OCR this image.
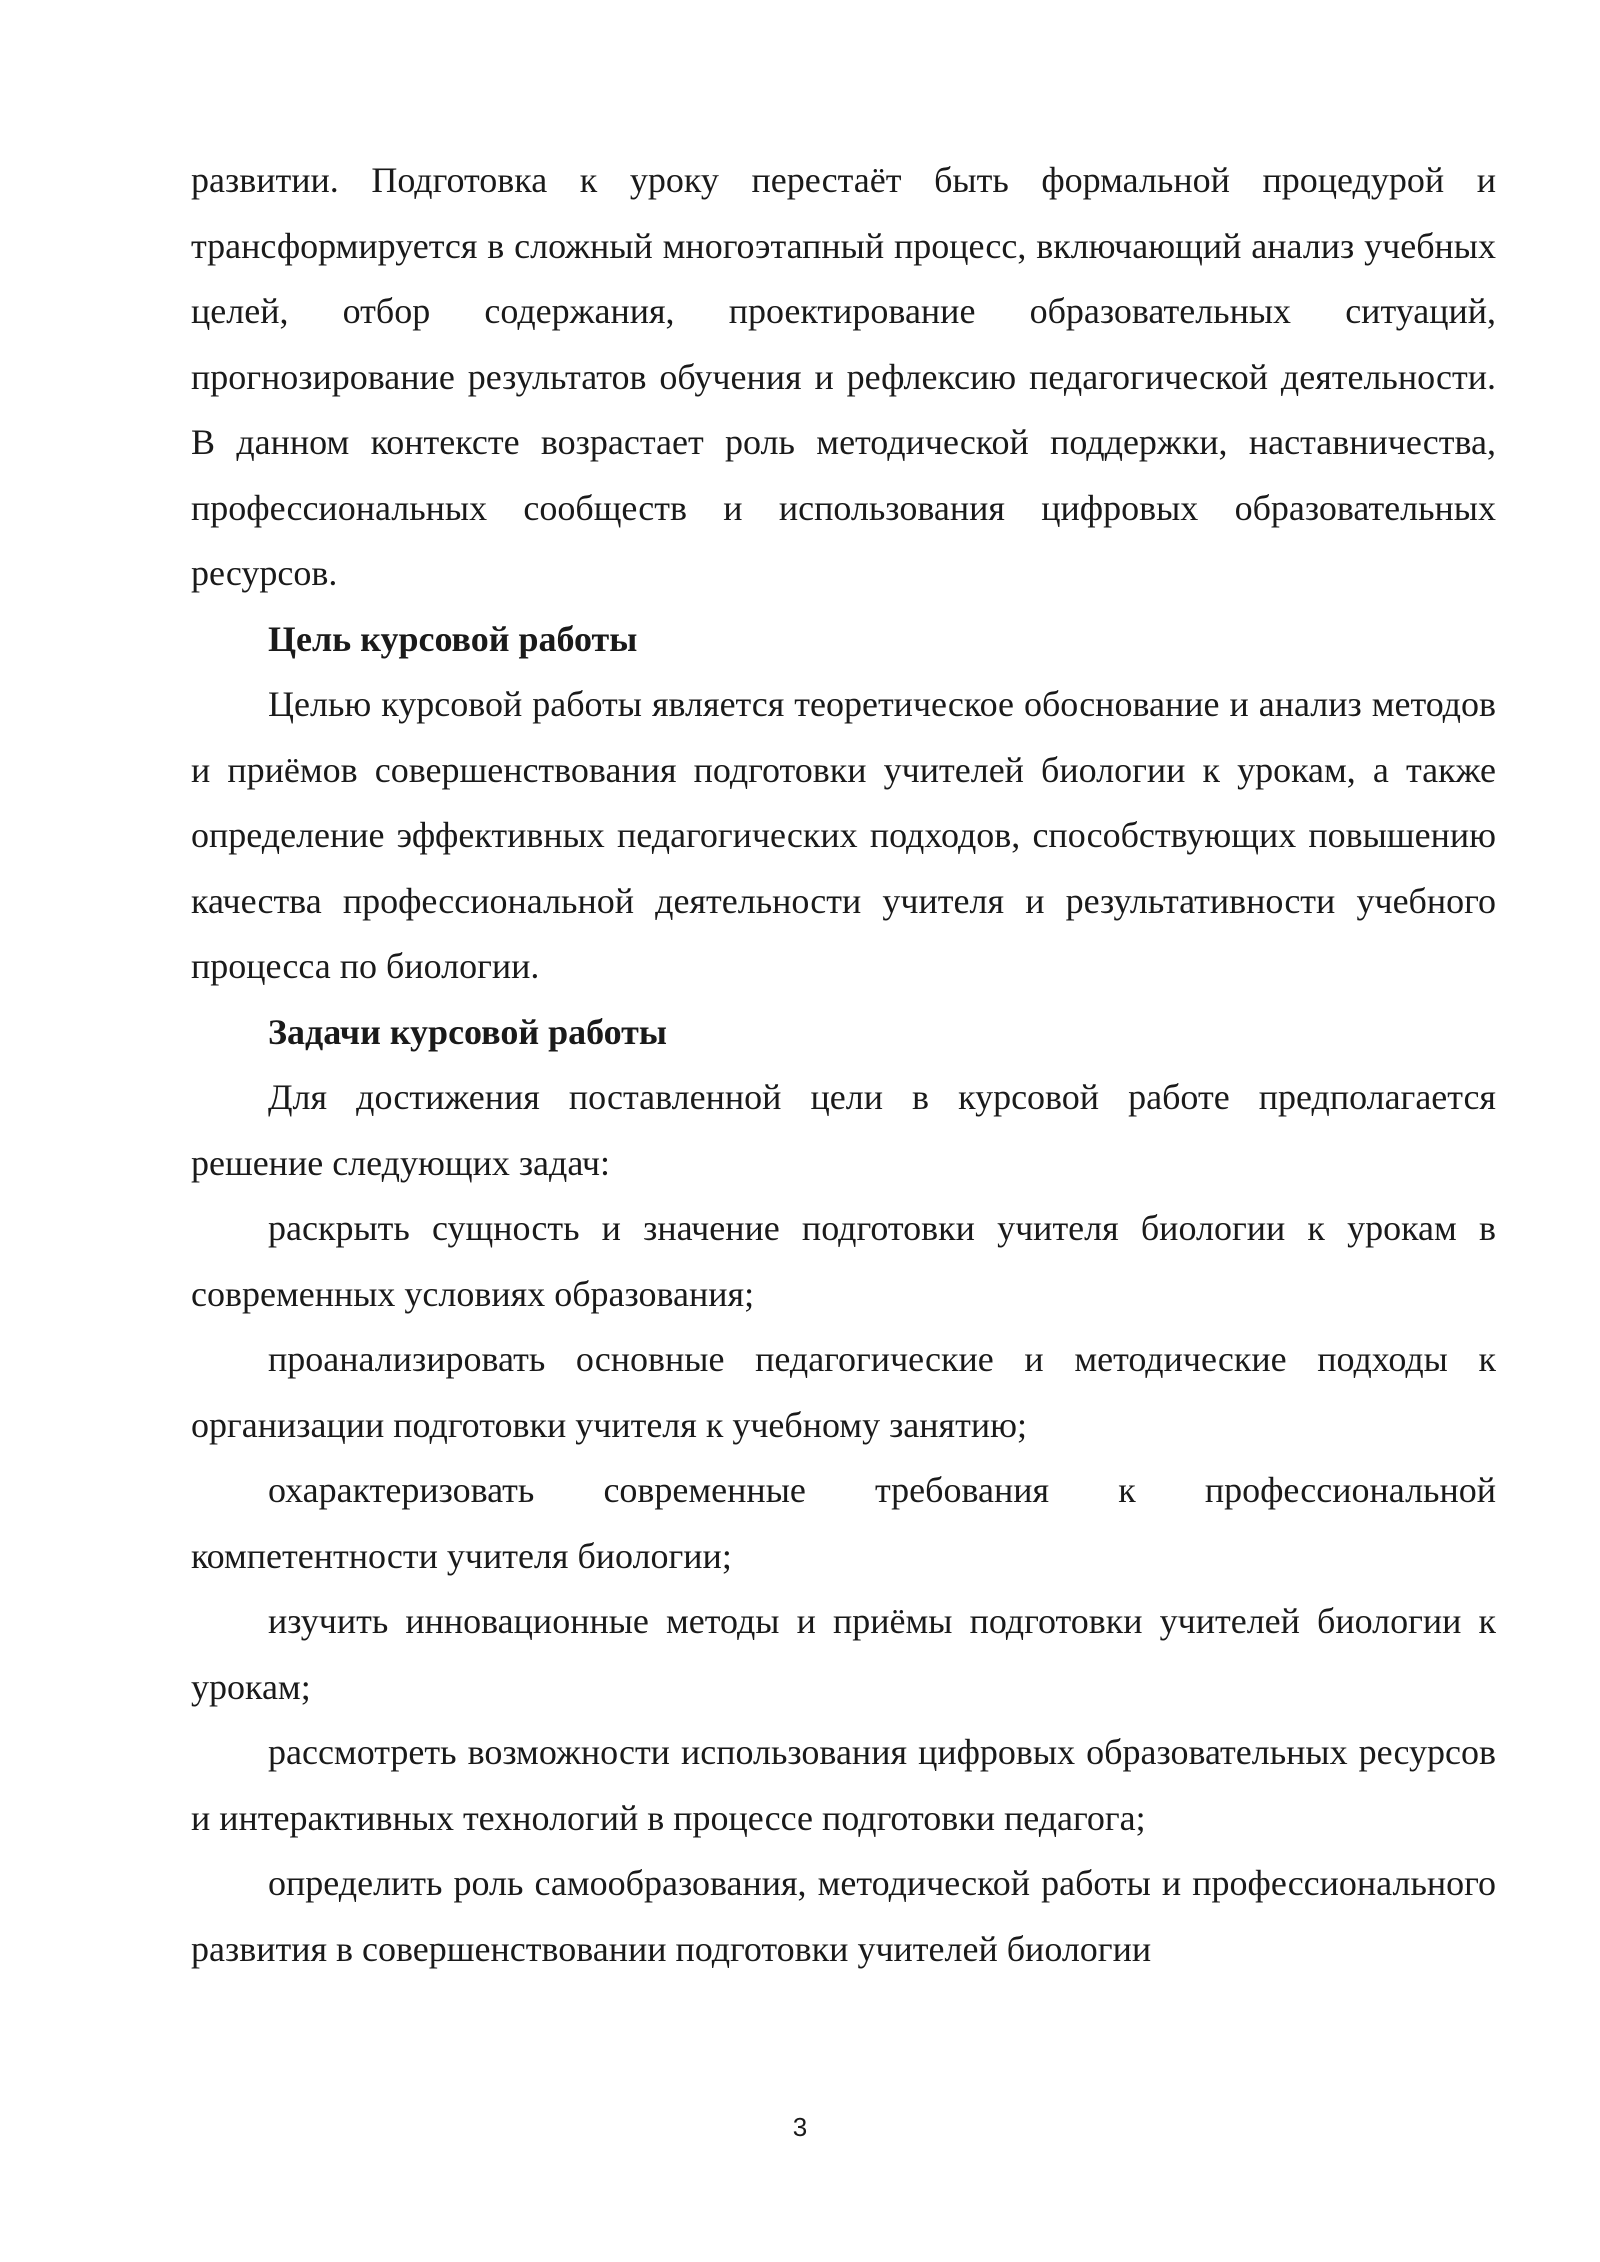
развитии. Подготовка к уроку перестаёт быть формальной процедурой и трансформируется в сложный многоэтапный процесс, включающий анализ учебных целей, отбор содержания, проектирование образовательных ситуаций, прогнозирование результатов обучения и рефлексию педагогической деятельности. В данном контексте возрастает роль методической поддержки, наставничества, профессиональных сообществ и использования цифровых образовательных ресурсов.

Цель курсовой работы

Целью курсовой работы является теоретическое обоснование и анализ методов и приёмов совершенствования подготовки учителей биологии к урокам, а также определение эффективных педагогических подходов, способствующих повышению качества профессиональной деятельности учителя и результативности учебного процесса по биологии.

Задачи курсовой работы

Для достижения поставленной цели в курсовой работе предполагается решение следующих задач:

раскрыть сущность и значение подготовки учителя биологии к урокам в современных условиях образования;

проанализировать основные педагогические и методические подходы к организации подготовки учителя к учебному занятию;

охарактеризовать современные требования к профессиональной компетентности учителя биологии;

изучить инновационные методы и приёмы подготовки учителей биологии к урокам;

рассмотреть возможности использования цифровых образовательных ресурсов и интерактивных технологий в процессе подготовки педагога;

определить роль самообразования, методической работы и профессионального развития в совершенствовании подготовки учителей биологии

3
